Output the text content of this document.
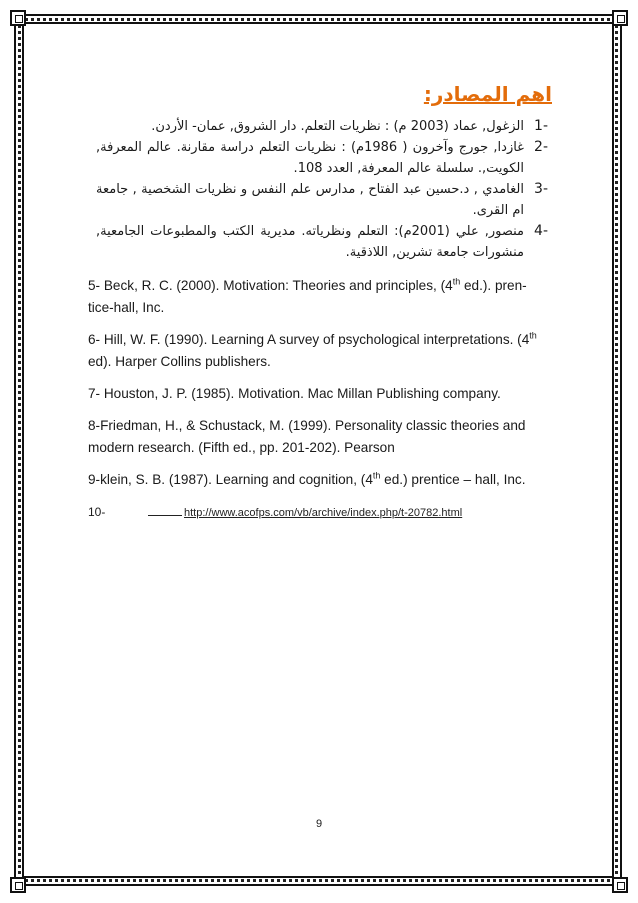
اهم المصادر:
-1
الزغول, عماد (2003 م) : نظريات التعلم. دار الشروق, عمان- الأردن.
-2
غازدا, جورج وآخرون ( 1986م) : نظريات التعلم دراسة مقارنة. عالم المعرفة, الكويت,. سلسلة عالم المعرفة, العدد 108.
-3
الغامدي , د.حسين عبد الفتاح , مدارس علم النفس و نظريات الشخصية , جامعة ام القرى.
-4
منصور, علي (2001م): التعلم ونظرياته. مديرية الكتب والمطبوعات الجامعية, منشورات جامعة تشرين, اللاذقية.
5- Beck, R. C. (2000). Motivation: Theories and principles, (4th ed.). pren-tice-hall, Inc.
6- Hill, W. F. (1990). Learning A survey of psychological interpretations. (4th ed). Harper Collins publishers.
7- Houston, J. P. (1985). Motivation. Mac Millan Publishing company.
8-Friedman, H., & Schustack, M. (1999). Personality classic theories and modern research. (Fifth ed., pp. 201-202). Pearson
9-klein, S. B. (1987). Learning and cognition, (4th ed.) prentice – hall, Inc.
10-	http://www.acofps.com/vb/archive/index.php/t-20782.html
9
